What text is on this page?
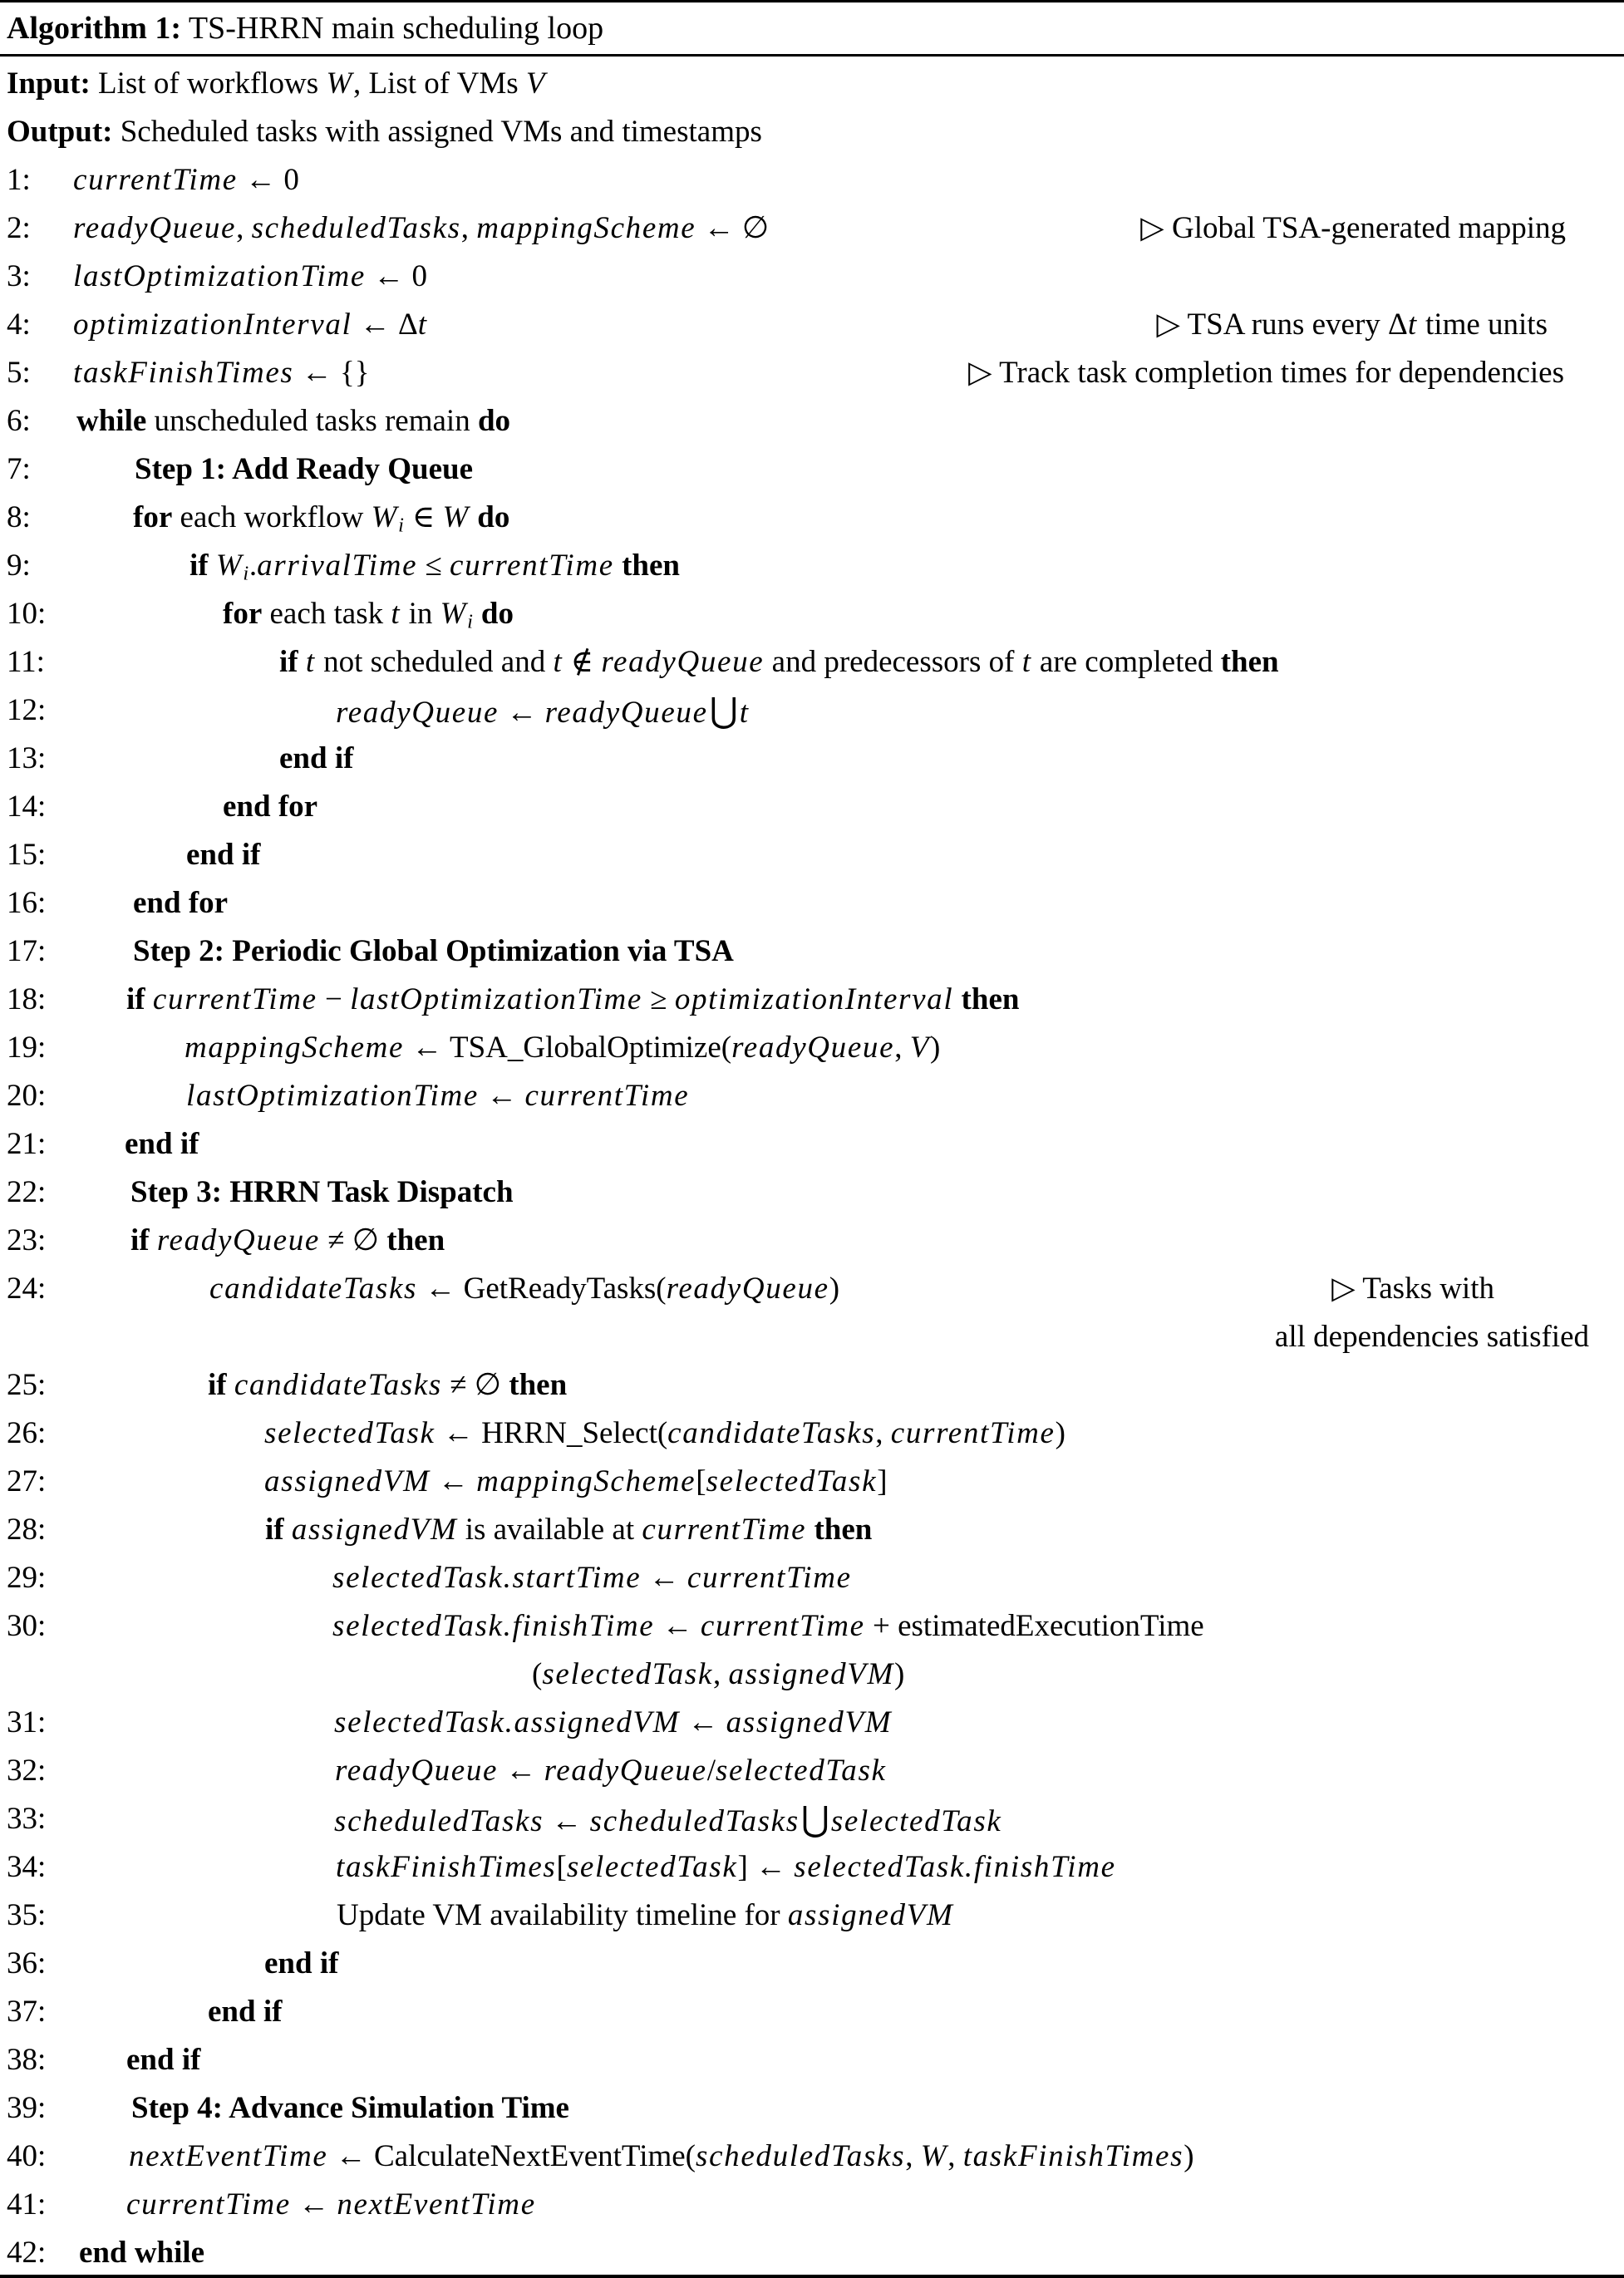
Algorithm 1: TS-HRRN main scheduling loop
Input: List of workflows W, List of VMs V
Output: Scheduled tasks with assigned VMs and timestamps
1: currentTime ← 0
2: readyQueue, scheduledTasks, mappingScheme ← ∅	▷ Global TSA-generated mapping
3: lastOptimizationTime ← 0
4: optimizationInterval ← Δt	▷ TSA runs every Δt time units
5: taskFinishTimes ← {}	▷ Track task completion times for dependencies
6: while unscheduled tasks remain do
7:	Step 1: Add Ready Queue
8:	for each workflow Wi ∈ W do
9:	if Wi.arrivalTime ≤ currentTime then
10:	for each task t in Wi do
11:	if t not scheduled and t ∉ readyQueue and predecessors of t are completed then
12:	readyQueue ← readyQueue⋃t
13:	end if
14:	end for
15:	end if
16:	end for
17:	Step 2: Periodic Global Optimization via TSA
18:	if currentTime − lastOptimizationTime ≥ optimizationInterval then
19:	mappingScheme ← TSA_GlobalOptimize(readyQueue, V)
20:	lastOptimizationTime ← currentTime
21:	end if
22:	Step 3: HRRN Task Dispatch
23:	if readyQueue ≠ ∅ then
24:	candidateTasks ← GetReadyTasks(readyQueue)	▷ Tasks with
all dependencies satisfied
25:	if candidateTasks ≠ ∅ then
26:	selectedTask ← HRRN_Select(candidateTasks, currentTime)
27:	assignedVM ← mappingScheme[selectedTask]
28:	if assignedVM is available at currentTime then
29:	selectedTask.startTime ← currentTime
30:	selectedTask.finishTime ← currentTime + estimatedExecutionTime
(selectedTask, assignedVM)
31:	selectedTask.assignedVM ← assignedVM
32:	readyQueue ← readyQueue/selectedTask
33:	scheduledTasks ← scheduledTasks⋃selectedTask
34:	taskFinishTimes[selectedTask] ← selectedTask.finishTime
35:	Update VM availability timeline for assignedVM
36:	end if
37:	end if
38:	end if
39:	Step 4: Advance Simulation Time
40:	nextEventTime ← CalculateNextEventTime(scheduledTasks, W, taskFinishTimes)
41:	currentTime ← nextEventTime
42: end while
